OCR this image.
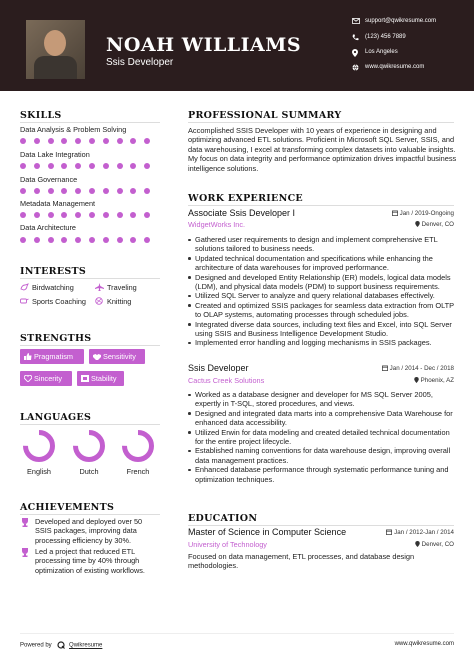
NOAH WILLIAMS
Ssis Developer
support@qwikresume.com
(123) 456 7889
Los Angeles
www.qwikresume.com
SKILLS
Data Analysis & Problem Solving
Data Lake Integration
Data Governance
Metadata Management
Data Architecture
INTERESTS
Birdwatching	Traveling
Sports Coaching	Knitting
STRENGTHS
Pragmatism	Sensitivity
Sincerity	Stability
LANGUAGES
English	Dutch	French
ACHIEVEMENTS
Developed and deployed over 50 SSIS packages, improving data processing efficiency by 30%.
Led a project that reduced ETL processing time by 40% through optimization of existing workflows.
PROFESSIONAL SUMMARY
Accomplished SSIS Developer with 10 years of experience in designing and optimizing advanced ETL solutions. Proficient in Microsoft SQL Server, SSIS, and data warehousing, I excel at transforming complex datasets into valuable insights. My focus on data integrity and performance optimization drives impactful business intelligence solutions.
WORK EXPERIENCE
Associate Ssis Developer I	Jan / 2019-Ongoing
WidgetWorks Inc.	Denver, CO
Gathered user requirements to design and implement comprehensive ETL solutions tailored to business needs.
Updated technical documentation and specifications while enhancing the architecture of data warehouses for improved performance.
Designed and developed Entity Relationship (ER) models, logical data models (LDM), and physical data models (PDM) to support business requirements.
Utilized SQL Server to analyze and query relational databases effectively.
Created and optimized SSIS packages for seamless data extraction from OLTP to OLAP systems, automating processes through scheduled jobs.
Integrated diverse data sources, including text files and Excel, into SQL Server using SSIS and Business Intelligence Development Studio.
Implemented error handling and logging mechanisms in SSIS packages.
Ssis Developer	Jan / 2014 - Dec / 2018
Cactus Creek Solutions	Phoenix, AZ
Worked as a database designer and developer for MS SQL Server 2005, expertly in T-SQL, stored procedures, and views.
Designed and integrated data marts into a comprehensive Data Warehouse for enhanced data accessibility.
Utilized Erwin for data modeling and created detailed technical documentation for the entire project lifecycle.
Established naming conventions for data warehouse design, improving overall data management practices.
Enhanced database performance through systematic performance tuning and optimization techniques.
EDUCATION
Master of Science in Computer Science	Jan / 2012-Jan / 2014
University of Technology	Denver, CO
Focused on data management, ETL processes, and database design methodologies.
Powered by	Qwikresume	www.qwikresume.com
